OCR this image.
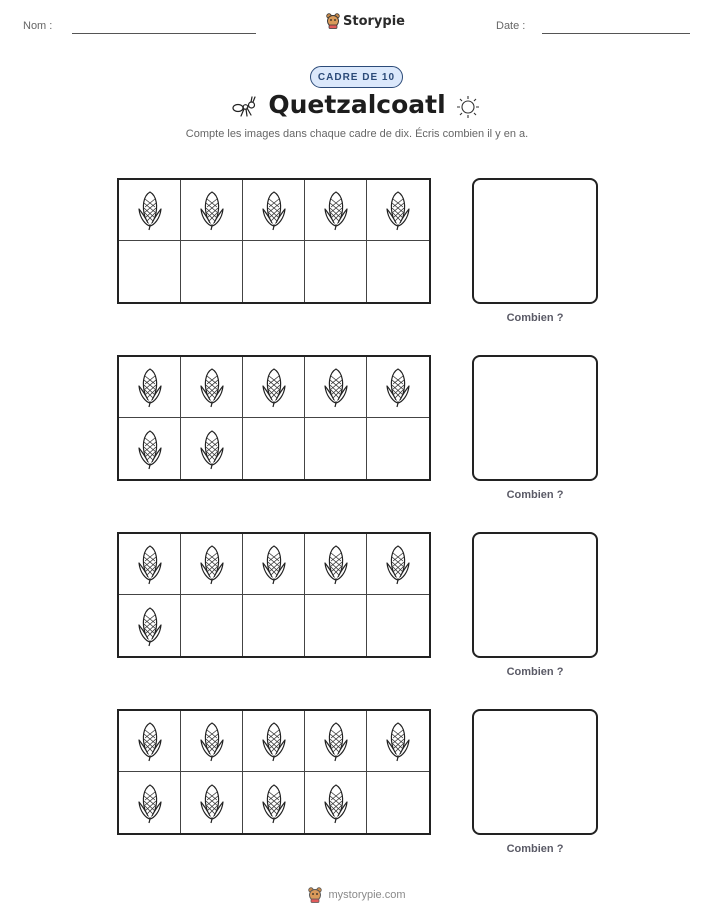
Nom :	Storypie	Date :
CADRE DE 10
Quetzalcoatl
Compte les images dans chaque cadre de dix. Écris combien il y en a.
Combien ?
Combien ?
Combien ?
Combien ?
mystorypie.com
